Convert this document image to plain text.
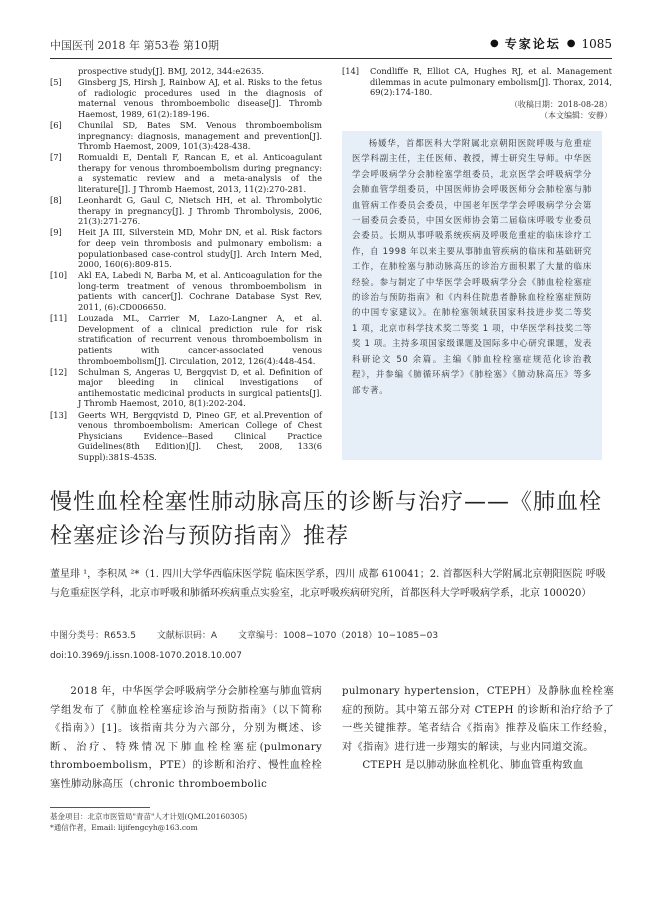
中国医刊 2018 年 第53卷 第10期	● 专家论坛 ● 1085
prospective study[J]. BMJ, 2012, 344:e2635.
[5]	Ginsberg JS, Hirsh J, Rainbow AJ, et al. Risks to the fetus of radiologic procedures used in the diagnosis of maternal venous thromboembolic disease[J]. Thromb Haemost, 1989, 61(2):189-196.
[6]	Chunilal SD, Bates SM. Venous thromboembolism inpregnancy: diagnosis, management and prevention[J]. Thromb Haemost, 2009, 101(3):428-438.
[7]	Romualdi E, Dentali F, Rancan E, et al. Anticoagulant therapy for venous thromboembolism during pregnancy: a systematic review and a meta-analysis of the literature[J]. J Thromb Haemost, 2013, 11(2):270-281.
[8]	Leonhardt G, Gaul C, Nietsch HH, et al. Thrombolytic therapy in pregnancy[J]. J Thromb Thrombolysis, 2006, 21(3):271-276.
[9]	Heit JA III, Silverstein MD, Mohr DN, et al. Risk factors for deep vein thrombosis and pulmonary embolism: a populationbased case-control study[J]. Arch Intern Med, 2000, 160(6):809-815.
[10]	Akl EA, Labedi N, Barba M, et al. Anticoagulation for the long-term treatment of venous thromboembolism in patients with cancer[J]. Cochrane Database Syst Rev, 2011, (6):CD006650.
[11]	Louzada ML, Carrier M, Lazo-Langner A, et al. Development of a clinical prediction rule for risk stratification of recurrent venous thromboembolism in patients with cancer-associated venous thromboembolism[J]. Circulation, 2012, 126(4):448-454.
[12]	Schulman S, Angeras U, Bergqvist D, et al. Definition of major bleeding in clinical investigations of antihemostatic medicinal products in surgical patients[J]. J Thromb Haemost, 2010, 8(1):202-204.
[13]	Geerts WH, Bergqvistd D, Pineo GF, et al.Prevention of venous thromboembolism: American College of Chest Physicians Evidence--Based Clinical Practice Guidelines(8th Edition)[J]. Chest, 2008, 133(6 Suppl):381S-453S.
[14]	Condliffe R, Elliot CA, Hughes RJ, et al. Management dilemmas in acute pulmonary embolism[J]. Thorax, 2014, 69(2):174-180.
（收稿日期：2018-08-28）
（本文编辑：安静）

杨媛华，首都医科大学附属北京朝阳医院呼吸与危重症医学科副主任，主任医师、教授，博士研究生导师。中华医学会呼吸病学分会肺栓塞学组委员，北京医学会呼吸病学分会肺血管学组委员，中国医师协会呼吸医师分会肺栓塞与肺血管病工作委员会委员，中国老年医学学会呼吸病学分会第一届委员会委员，中国女医师协会第二届临床呼吸专业委员会委员。长期从事呼吸系统疾病及呼吸危重症的临床诊疗工作，自 1998 年以来主要从事肺血管疾病的临床和基础研究工作，在肺栓塞与肺动脉高压的诊治方面积累了大量的临床经验。参与制定了中华医学会呼吸病学分会《肺血栓栓塞症的诊治与预防指南》和《内科住院患者静脉血栓栓塞症预防的中国专家建议》。在肺栓塞领域获国家科技进步奖二等奖 1 项，北京市科学技术奖二等奖 1 项，中华医学科技奖二等奖 1 项。主持多项国家级课题及国际多中心研究课题，发表科研论文 50 余篇。主编《肺血栓栓塞症规范化诊治教程》，并参编《肺循环病学》《肺栓塞》《肺动脉高压》等多部专著。

慢性血栓栓塞性肺动脉高压的诊断与治疗——《肺血栓栓塞症诊治与预防指南》推荐
董星琲 ¹，李积凤 ²*（1. 四川大学华西临床医学院 临床医学系，四川 成都 610041；2. 首都医科大学附属北京朝阳医院 呼吸与危重症医学科，北京市呼吸和肺循环疾病重点实验室，北京呼吸疾病研究所，首都医科大学呼吸病学系，北京 100020）
中图分类号：R653.5 文献标识码：A 文章编号：1008−1070（2018）10−1085−03
doi:10.3969/j.issn.1008-1070.2018.10.007

2018 年，中华医学会呼吸病学分会肺栓塞与肺血管病学组发布了《肺血栓栓塞症诊治与预防指南》（以下简称《指南》）[1]。该指南共分为六部分，分别为概述、诊断、治疗、特殊情况下肺血栓栓塞症(pulmonary thromboembolism，PTE）的诊断和治疗、慢性血栓栓塞性肺动脉高压（chronic thromboembolic

pulmonary hypertension，CTEPH）及静脉血栓栓塞症的预防。其中第五部分对 CTEPH 的诊断和治疗给予了一些关键推荐。笔者结合《指南》推荐及临床工作经验，对《指南》进行进一步翔实的解读，与业内同道交流。

CTEPH 是以肺动脉血栓机化、肺血管重构致血

基金项目：北京市医管局"青苗"人才计划(QML20160305)
*通信作者，Email: lijifengcyh@163.com
